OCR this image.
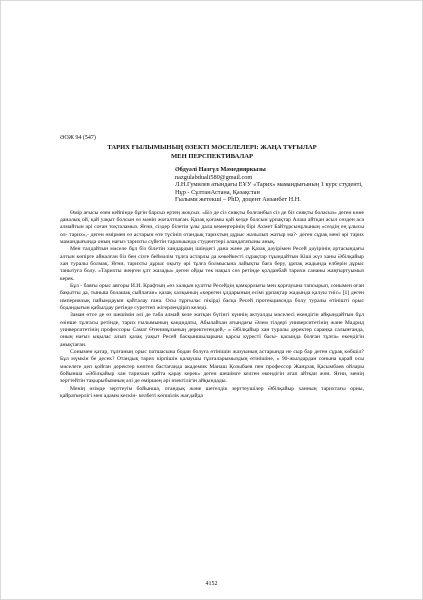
ӘОЖ 94 (547)
ТАРИХ ҒЫЛЫМЫНЫҢ ӨЗЕКТІ МӘСЕЛЕЛЕРІ: ЖАҢА ТҰҒЫЛАР
МЕН ПЕРСПЕКТИВАЛАР
Әбдуәлі Назгүл Мәмедияркызы
nazgulabduali580@gmail.com
Л.Н.Гумилев атындағы ЕҰУ «Тарих» мамандығының 1 курс студенті,
Нұр - СұлтанАстана, Қазақстан
Ғылыми жетекші – PhD, доцент Аязанбет Н.Н.

Өмір ағысы өзен кейпінде бұғін барсыз ертең жоқсыз. «Біз де сіз сияқты болғанбыз сіз де біз сияқты боласыз» деген көне даналық ой, қай уақыт болсын өз мәнін жоғалтпаған. Қазақ қоғамы қай кезде болсын ұрпақтар Алаш айтқан асыл сөзден аса алмайтын әрі соған тоқталамыз. Яғни, сіздер білетін ұлы дала кемеңгерінің бірі Ахмет Байтұрсынұлының «сөздің ең ұлысы ол- тарих»,- деген өмірмен өз астарын өте түсініп отандық тарихтың дұрыс жазылып жатыр ма?- деген сұрақ мені әрі тарих мамандығында оның нағыз тарихты сүйетін таразыында студенттері алаңдататыны анық.

Мен талдайтын мәселе бұл біз білетін хандардың ішіндегі дана және де Қазақ дәуірімен Ресей дәуірінің ортасындағы алтын көпірге айналған біз бен сізге беймәлім тұлға астарлы да көкейкесті сұрақтар тұындайтын Кіші жүз ханы Әбілқайыр хан туралы болмақ. Яғни, тарихты дұрыс оқыту әрі тұлға болмысына лайықты баға беру, ұрпақ жадында елберін дұрыс танытуға болу. «Тарихты жеңген ұлт жазады» деген ойды тек нақыл сөз ретінде қолданбай тарихи сананы жаңғыртуымыз керек.

Бұл - баяғы орыс авторы И.И. Крафтың «өз халқын қуатты Ресейдің қамқорлығы мен қорғауына тапсырып, сонымен оған бақытты да, тыныш болашақ сыйлаған» қазақ халқының «көреген ұлдарының есімі ұрпақтар жадында қалуы тиіс» [1] деген империялық пайымдауын қайталау ғана. Осы тұрғылас пікірді басқа Ресей протекцияснда болу туралы өтінішті орыс бодандығын қабылдау ретінде суреттеп жігерлендіріп келеді.

Заман өтсе де өз шешімін әлі де таба алмай келе жатқан бүгінгі күннің актуалды мәселесі екендігін айқындайтын бұл өзінше тұлғасы ретінде, тарих ғылымының кандидаты, Абылайхан атындағы Әлем тілдері университетінің және Мадрид университетінің профессоры Самат Өтенияұлының деректегендей,- « Әбілқайыр хан туралы деректер сараңқа салынғанда, оның нағыз ықылас алып қазақ уақыт Ресей басқыншыларына қарсы күресті басы- қасында болған тұлға» екендігін анықтаған.

Сонымен қатар, тұлғаның орыс патшасына бодан болуға өтінішін жазуының астарында не сыр бар деген сұрақ көбшіл? Бұл мүмкін бе десек? Отандық тарих кірпішін қалаушы тұлғаларымыздың өтінішіне, « 90-жылдардан сонына қарай осы мәселеге деп қойған деректер көптеп бастағанда академик Манаш Қозыбаев пен профессор Жанұзақ Қасымбаев ойлары бойынша «Әбілқайыр хан тарихын қайта қарау керек» деген шешімге келген екендігін атап айтқан жөн. Яғни, менің зерттейтін тақырыбымның әлі де өміршең әрі өзектілігін айқындады.

Менің өзімде зерттеуім бойынша, отандық және шетелдік зерттеушілер Әбілқайыр ханның тарихтағы орны, қайраткерлігі мен адамм кескін- келбеті көпшілік жағдайда

4152
